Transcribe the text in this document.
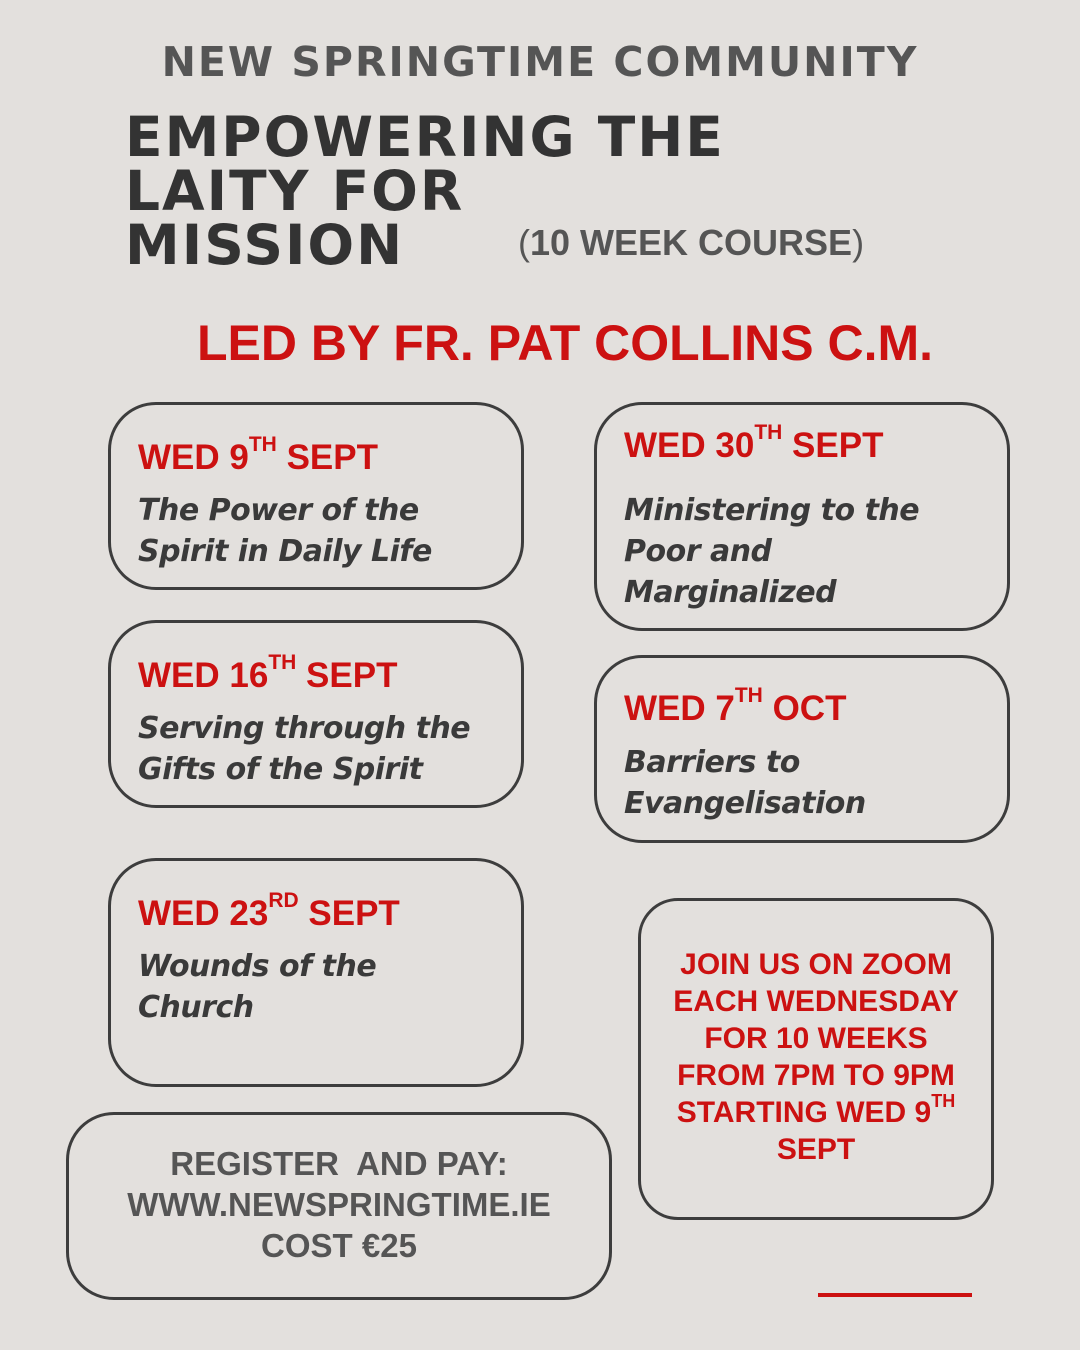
NEW SPRINGTIME COMMUNITY
EMPOWERING THE
LAITY FOR
MISSION	(10 WEEK COURSE)
LED BY FR. PAT COLLINS C.M.
WED 9TH SEPT
The Power of the Spirit in Daily Life
WED 16TH SEPT
Serving through the Gifts of the Spirit
WED 23RD SEPT
Wounds of the Church
WED 30TH SEPT
Ministering to the Poor and Marginalized
WED 7TH OCT
Barriers to Evangelisation
JOIN US ON ZOOM
EACH WEDNESDAY
FOR 10 WEEKS
FROM 7PM TO 9PM
STARTING WED 9TH
SEPT
REGISTER  AND PAY:
WWW.NEWSPRINGTIME.IE
COST €25
